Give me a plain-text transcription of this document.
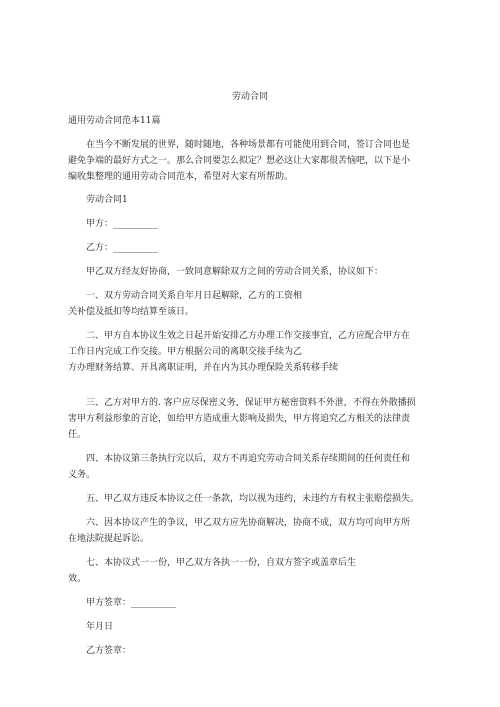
劳动合同
通用劳动合同范本11篇
在当今不断发展的世界，随时随地，各种场景都有可能使用到合同，签订合同也是
避免争端的最好方式之一。那么合同要怎么拟定？想必这让大家都很苦恼吧，以下是小
编收集整理的通用劳动合同范本，希望对大家有所帮助。
劳动合同1
甲方：__________
乙方：__________
甲乙双方经友好协商，一致同意解除双方之间的劳动合同关系，协议如下：
一、双方劳动合同关系自年月日起解除，乙方的工资相
关补偿及抵扣等均结算至该日。
二、甲方自本协议生效之日起开始安排乙方办理工作交接事宜，乙方应配合甲方在
工作日内完成工作交接。甲方根据公司的离职交接手续为乙
方办理财务结算、开具离职证明，并在内为其办理保险关系转移手续
三、乙方对甲方的. 客户应尽保密义务，保证甲方秘密资料不外泄，不得在外散播损
害甲方利益形象的言论，如给甲方造成重大影响及损失，甲方将追究乙方相关的法律责
任。
四、本协议第三条执行完以后，双方不再追究劳动合同关系存续期间的任何责任和
义务。
五、甲乙双方违反本协议之任一条款，均以视为违约，未违约方有权主张赔偿损失。
六、因本协议产生的争议，甲乙双方应先协商解决，协商不成，双方均可向甲方所
在地法院提起诉讼。
七、本协议式一一份，甲乙双方各执一一份，自双方签字或盖章后生
效。
甲方签章：__________
年月日
乙方签章：
